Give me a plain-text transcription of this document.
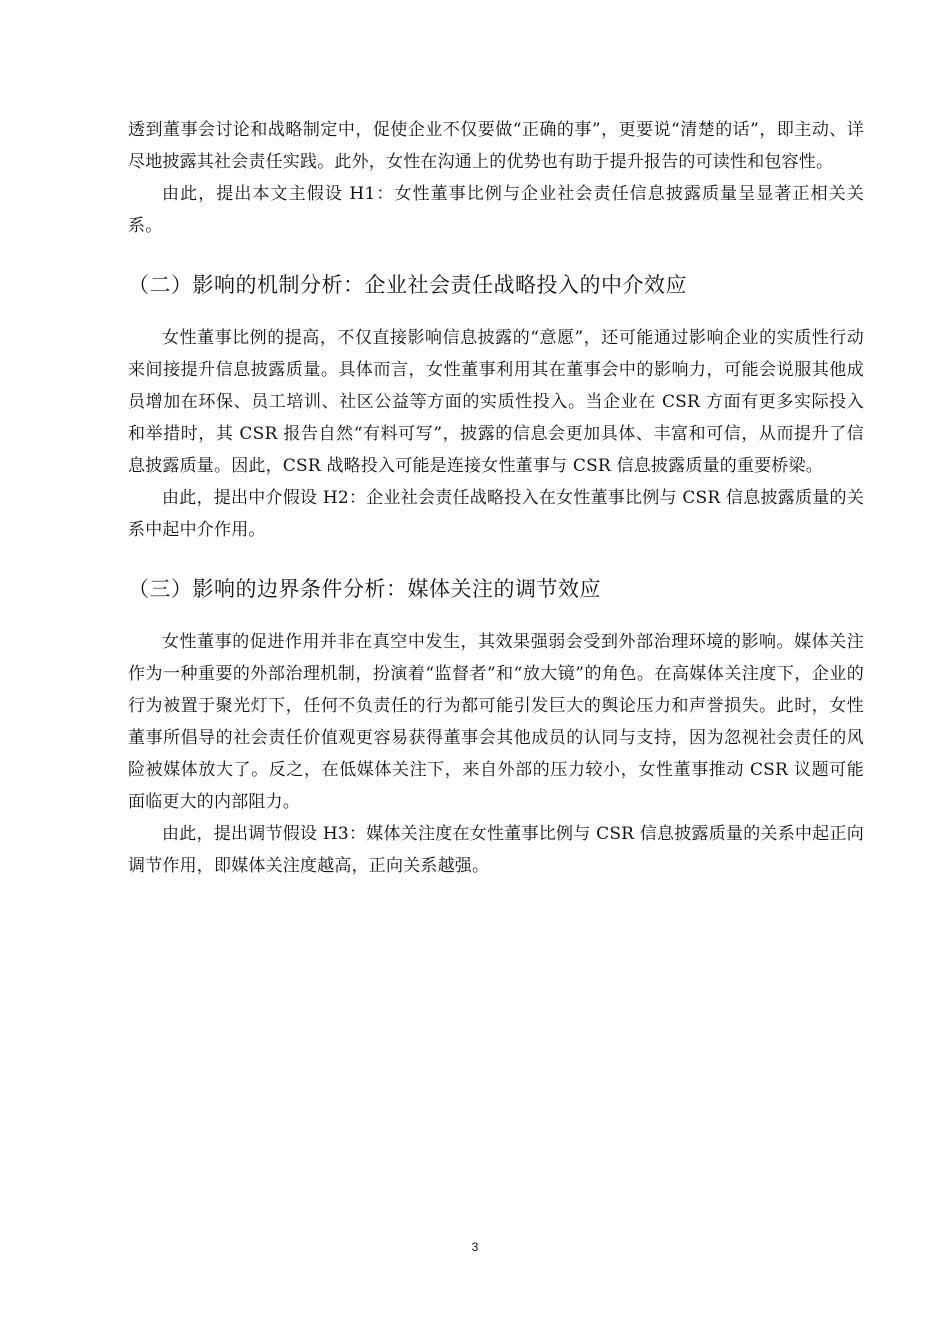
透到董事会讨论和战略制定中，促使企业不仅要做“正确的事”，更要说“清楚的话”，即主动、详尽地披露其社会责任实践。此外，女性在沟通上的优势也有助于提升报告的可读性和包容性。

由此，提出本文主假设 H1：女性董事比例与企业社会责任信息披露质量呈显著正相关关系。

（二）影响的机制分析：企业社会责任战略投入的中介效应

女性董事比例的提高，不仅直接影响信息披露的“意愿”，还可能通过影响企业的实质性行动来间接提升信息披露质量。具体而言，女性董事利用其在董事会中的影响力，可能会说服其他成员增加在环保、员工培训、社区公益等方面的实质性投入。当企业在 CSR 方面有更多实际投入和举措时，其 CSR 报告自然“有料可写”，披露的信息会更加具体、丰富和可信，从而提升了信息披露质量。因此，CSR 战略投入可能是连接女性董事与 CSR 信息披露质量的重要桥梁。

由此，提出中介假设 H2：企业社会责任战略投入在女性董事比例与 CSR 信息披露质量的关系中起中介作用。

（三）影响的边界条件分析：媒体关注的调节效应

女性董事的促进作用并非在真空中发生，其效果强弱会受到外部治理环境的影响。媒体关注作为一种重要的外部治理机制，扮演着“监督者”和“放大镜”的角色。在高媒体关注度下，企业的行为被置于聚光灯下，任何不负责任的行为都可能引发巨大的舆论压力和声誉损失。此时，女性董事所倡导的社会责任价值观更容易获得董事会其他成员的认同与支持，因为忽视社会责任的风险被媒体放大了。反之，在低媒体关注下，来自外部的压力较小，女性董事推动 CSR 议题可能面临更大的内部阻力。

由此，提出调节假设 H3：媒体关注度在女性董事比例与 CSR 信息披露质量的关系中起正向调节作用，即媒体关注度越高，正向关系越强。

3
